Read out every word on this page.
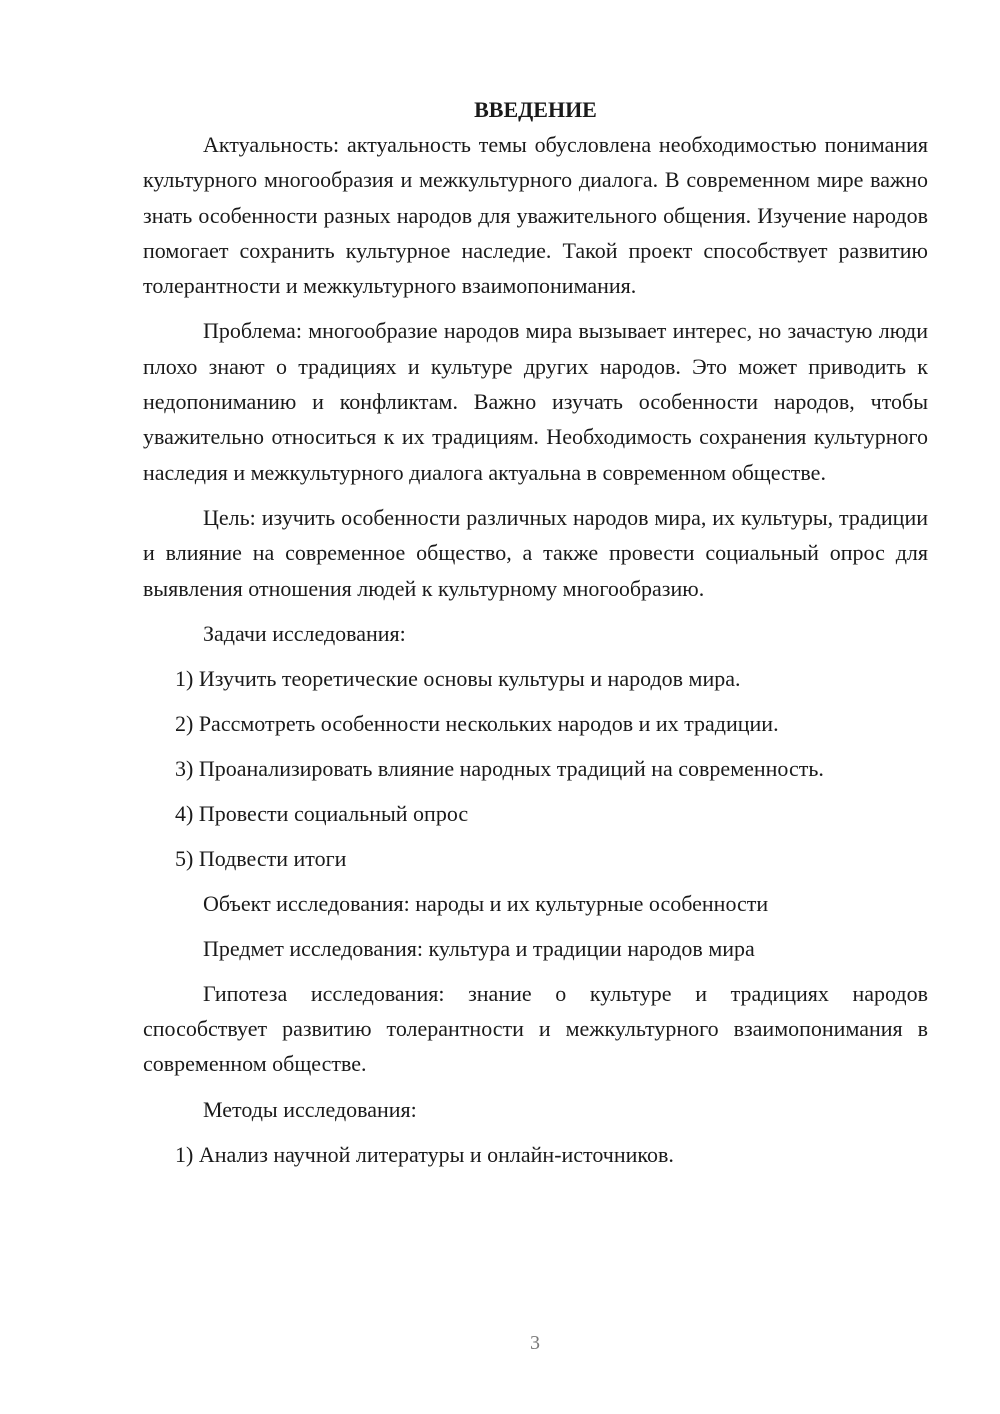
ВВЕДЕНИЕ

Актуальность: актуальность темы обусловлена необходимостью понимания культурного многообразия и межкультурного диалога. В современном мире важно знать особенности разных народов для уважительного общения. Изучение народов помогает сохранить культурное наследие. Такой проект способствует развитию толерантности и межкультурного взаимопонимания.

Проблема: многообразие народов мира вызывает интерес, но зачастую люди плохо знают о традициях и культуре других народов. Это может приводить к недопониманию и конфликтам. Важно изучать особенности народов, чтобы уважительно относиться к их традициям. Необходимость сохранения культурного наследия и межкультурного диалога актуальна в современном обществе.

Цель: изучить особенности различных народов мира, их культуры, традиции и влияние на современное общество, а также провести социальный опрос для выявления отношения людей к культурному многообразию.

Задачи исследования:

1) Изучить теоретические основы культуры и народов мира.

2) Рассмотреть особенности нескольких народов и их традиции.

3) Проанализировать влияние народных традиций на современность.

4) Провести социальный опрос

5) Подвести итоги

Объект исследования: народы и их культурные особенности

Предмет исследования: культура и традиции народов мира

Гипотеза исследования: знание о культуре и традициях народов способствует развитию толерантности и межкультурного взаимопонимания в современном обществе.

Методы исследования:

1) Анализ научной литературы и онлайн-источников.

3
